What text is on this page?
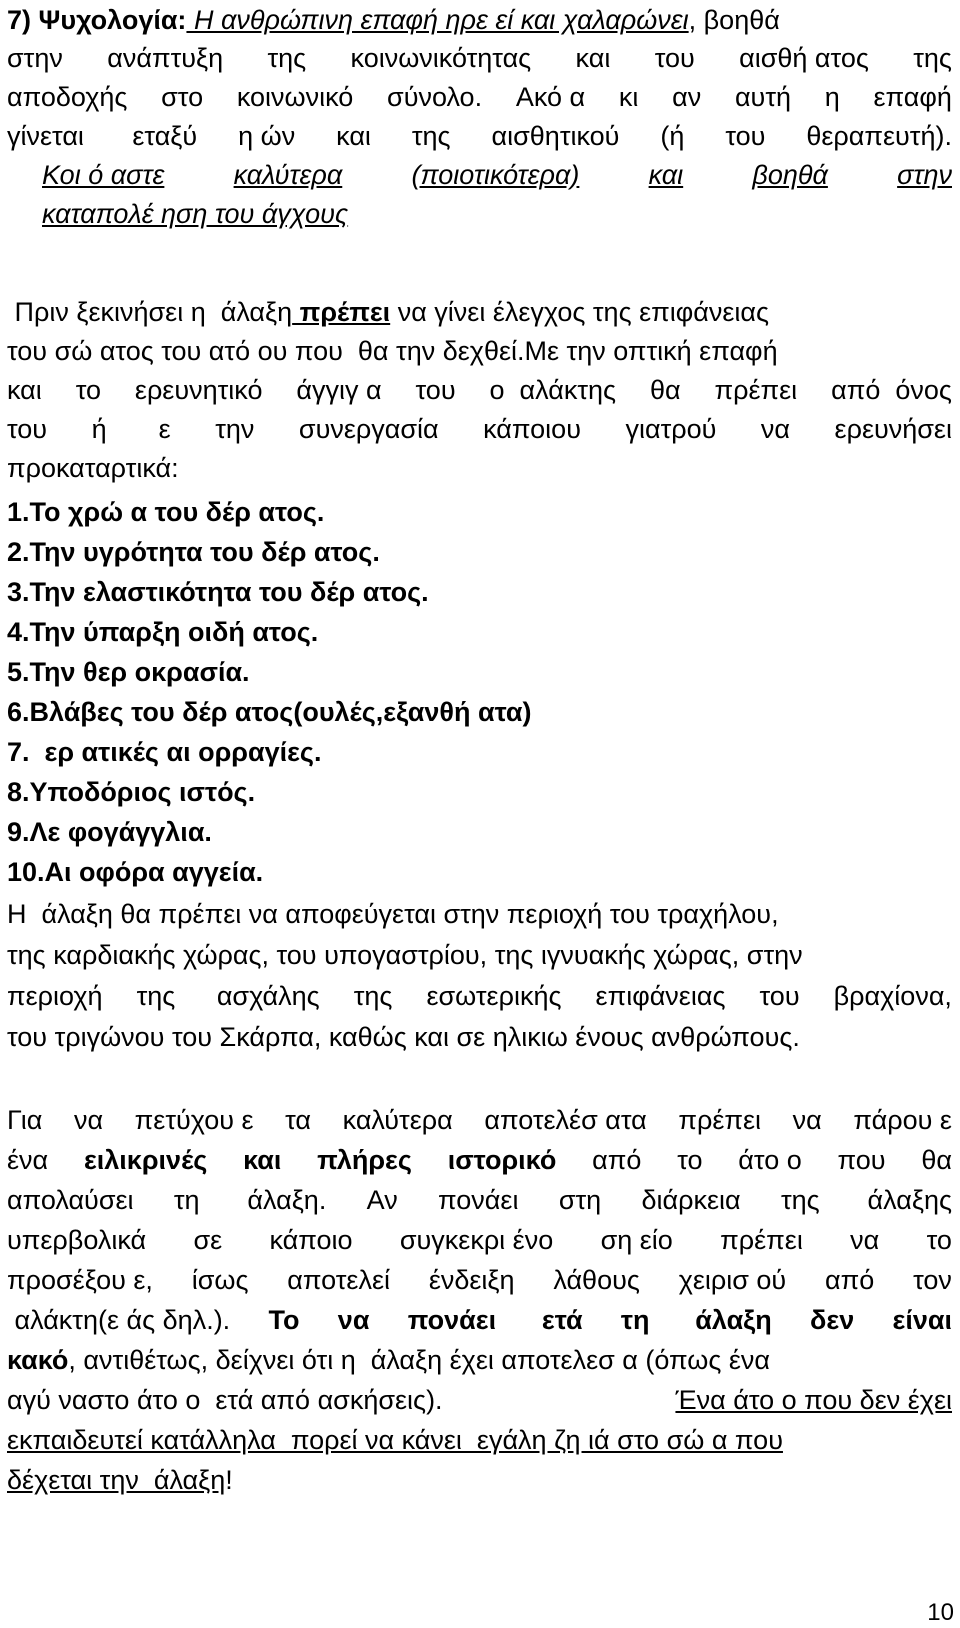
7) Ψυχολογία: Η ανθρώπινη επαφή ηρε εί και χαλαρώνει, βοηθά
στην ανάπτυξη της κοινωνικότητας και του αισθή ατος της
αποδοχής στο κοινωνικό σύνολο. Ακό α κι αν αυτή η επαφή
γίνεται εταξύ η ών και της αισθητικού (ή του θεραπευτή).
Κοι ό αστε	καλύτερα	(ποιοτικότερα)	και	βοηθά	στην
καταπολέ ηση του άγχους
Πριν ξεκινήσει η  άλαξη πρέπει να γίνει έλεγχος της επιφάνειας
του σώ ατος του ατό ου που  θα την δεχθεί.Με την οπτική επαφή
και το ερευνητικό άγγιγ α του ο  αλάκτης θα πρέπει από  όνος
του ή ε την συνεργασία κάποιου γιατρού να ερευνήσει
προκαταρτικά:
1.Το χρώ α του δέρ ατος.
2.Την υγρότητα του δέρ ατος.
3.Την ελαστικότητα του δέρ ατος.
4.Την ύπαρξη οιδή ατος.
5.Την θερ οκρασία.
6.Βλάβες του δέρ ατος(ουλές,εξανθή ατα)
7.  ερ ατικές αι ορραγίες.
8.Υποδόριος ιστός.
9.Λε φογάγγλια.
10.Αι οφόρα αγγεία.
Η  άλαξη θα πρέπει να αποφεύγεται στην περιοχή του τραχήλου,
της καρδιακής χώρας, του υπογαστρίου, της ιγνυακής χώρας, στην
περιοχή της ασχάλης της εσωτερικής επιφάνειας του βραχίονα,
του τριγώνου του Σκάρπα, καθώς και σε ηλικιω ένους ανθρώπους.
Για να πετύχου ε τα καλύτερα αποτελέσ ατα πρέπει να πάρου ε
ένα ειλικρινές και πλήρες ιστορικό από το άτο ο που θα
απολαύσει τη άλαξη. Αν πονάει στη διάρκεια της άλαξης
υπερβολικά σε κάποιο συγκεκρι ένο ση είο πρέπει να το
προσέξου ε, ίσως αποτελεί ένδειξη λάθους χειρισ ού από τον
αλάκτη(ε άς δηλ.). Το να πονάει ετά τη άλαξη δεν είναι
κακό, αντιθέτως, δείχνει ότι η  άλαξη έχει αποτελεσ α (όπως ένα
αγύ ναστο άτο ο  ετά από ασκήσεις).	Ένα άτο ο που δεν έχει
εκπαιδευτεί κατάλληλα  πορεί να κάνει  εγάλη ζη ιά στο σώ α που
δέχεται την  άλαξη!
10
